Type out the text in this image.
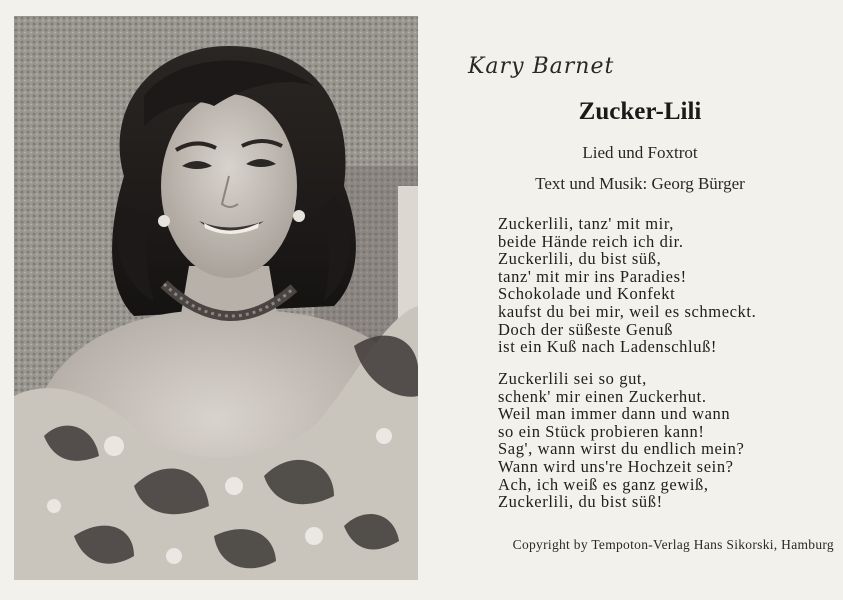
Kary Barnet
Zucker-Lili
Lied und Foxtrot
Text und Musik: Georg Bürger
Zuckerlili, tanz' mit mir,
beide Hände reich ich dir.
Zuckerlili, du bist süß,
tanz' mit mir ins Paradies!
Schokolade und Konfekt
kaufst du bei mir, weil es schmeckt.
Doch der süßeste Genuß
ist ein Kuß nach Ladenschluß!
Zuckerlili sei so gut,
schenk' mir einen Zuckerhut.
Weil man immer dann und wann
so ein Stück probieren kann!
Sag', wann wirst du endlich mein?
Wann wird uns're Hochzeit sein?
Ach, ich weiß es ganz gewiß,
Zuckerlili, du bist süß!
Copyright by Tempoton-Verlag Hans Sikorski, Hamburg
